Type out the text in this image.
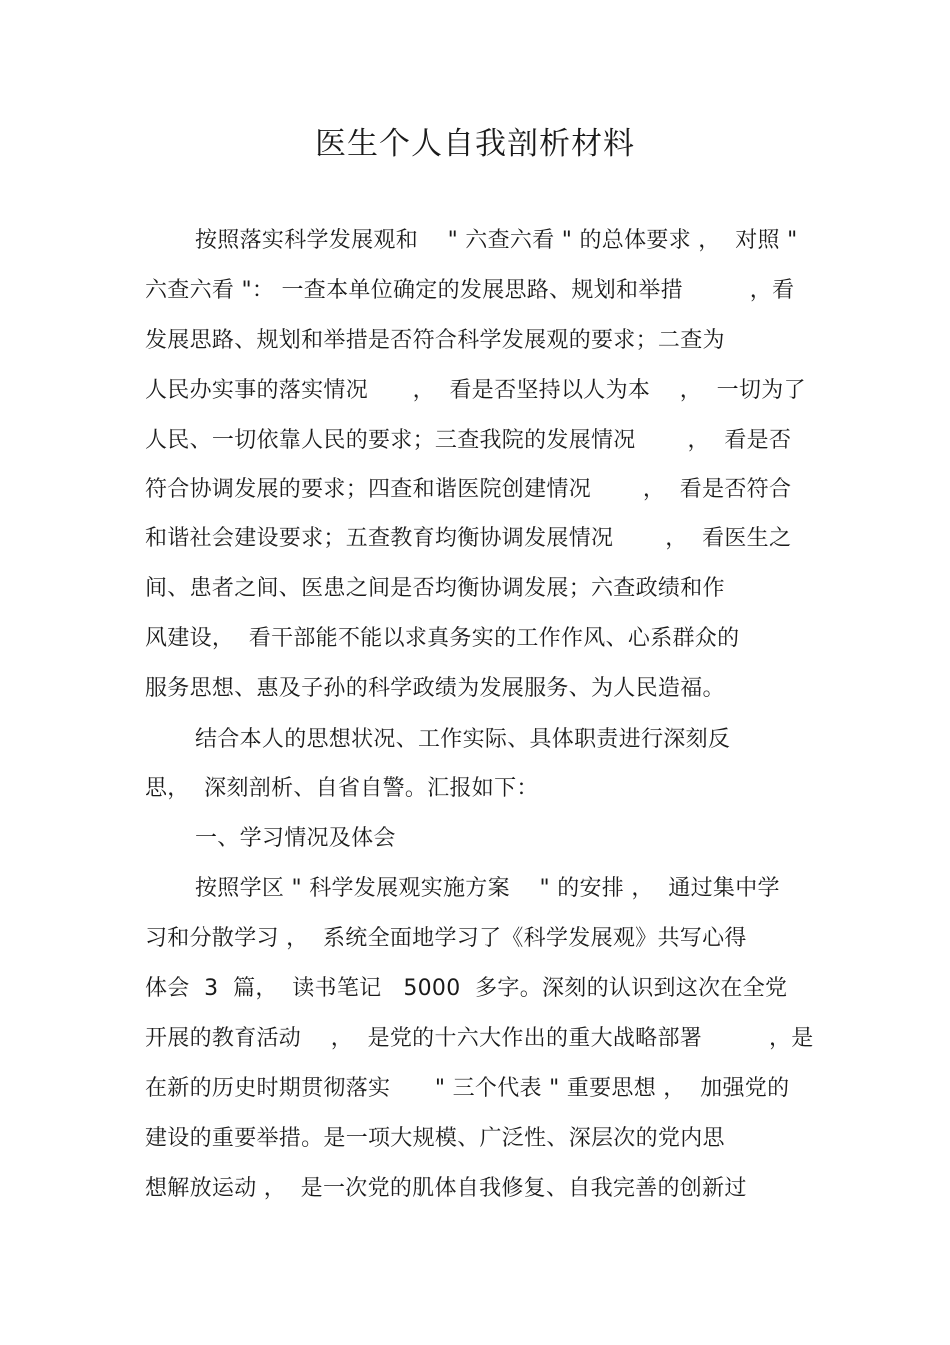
医生个人自我剖析材料
按照落实科学发展观和　 " 六查六看 " 的总体要求 ，  对照 "
六查六看 "： 一查本单位确定的发展思路、规划和举措　　　，看
发展思路、规划和举措是否符合科学发展观的要求；二查为
人民办实事的落实情况　　，  看是否坚持以人为本　 ，  一切为了
人民、一切依靠人民的要求；三查我院的发展情况　　 ，  看是否
符合协调发展的要求；四查和谐医院创建情况　　 ，  看是否符合
和谐社会建设要求；五查教育均衡协调发展情况　　 ，  看医生之
间、患者之间、医患之间是否均衡协调发展；六查政绩和作
风建设，  看干部能不能以求真务实的工作作风、心系群众的
服务思想、惠及子孙的科学政绩为发展服务、为人民造福。
结合本人的思想状况、工作实际、具体职责进行深刻反
思，  深刻剖析、自省自警。汇报如下：
一、学习情况及体会
按照学区 " 科学发展观实施方案　 " 的安排 ，  通过集中学
习和分散学习 ，  系统全面地学习了《科学发展观》共写心得
体会  3  篇，  读书笔记   5000  多字。深刻的认识到这次在全党
开展的教育活动　 ，  是党的十六大作出的重大战略部署　　　，是
在新的历史时期贯彻落实　　" 三个代表 " 重要思想 ，  加强党的
建设的重要举措。是一项大规模、广泛性、深层次的党内思
想解放运动 ，  是一次党的肌体自我修复、自我完善的创新过
